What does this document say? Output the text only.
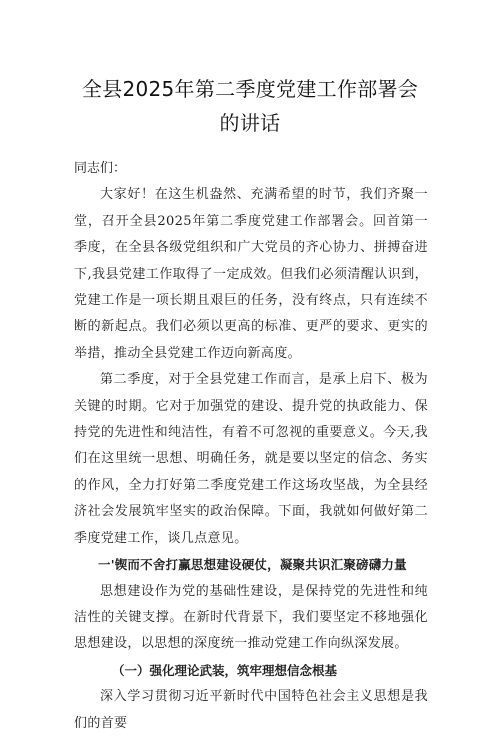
全县2025年第二季度党建工作部署会的讲话

同志们：

大家好！在这生机盎然、充满希望的时节，我们齐聚一堂，召开全县2025年第二季度党建工作部署会。回首第一季度，在全县各级党组织和广大党员的齐心协力、拼搏奋进下,我县党建工作取得了一定成效。但我们必须清醒认识到，党建工作是一项长期且艰巨的任务，没有终点，只有连续不断的新起点。我们必须以更高的标准、更严的要求、更实的举措，推动全县党建工作迈向新高度。

第二季度，对于全县党建工作而言，是承上启下、极为关键的时期。它对于加强党的建设、提升党的执政能力、保持党的先进性和纯洁性，有着不可忽视的重要意义。今天,我们在这里统一思想、明确任务，就是要以坚定的信念、务实的作风，全力打好第二季度党建工作这场攻坚战，为全县经济社会发展筑牢坚实的政治保障。下面，我就如何做好第二季度党建工作，谈几点意见。

一'锲而不舍打赢思想建设硬仗，凝聚共识汇聚磅礴力量

思想建设作为党的基础性建设，是保持党的先进性和纯洁性的关键支撑。在新时代背景下，我们要坚定不移地强化思想建设，以思想的深度统一推动党建工作向纵深发展。

（一）强化理论武装，筑牢理想信念根基

深入学习贯彻习近平新时代中国特色社会主义思想是我们的首要
